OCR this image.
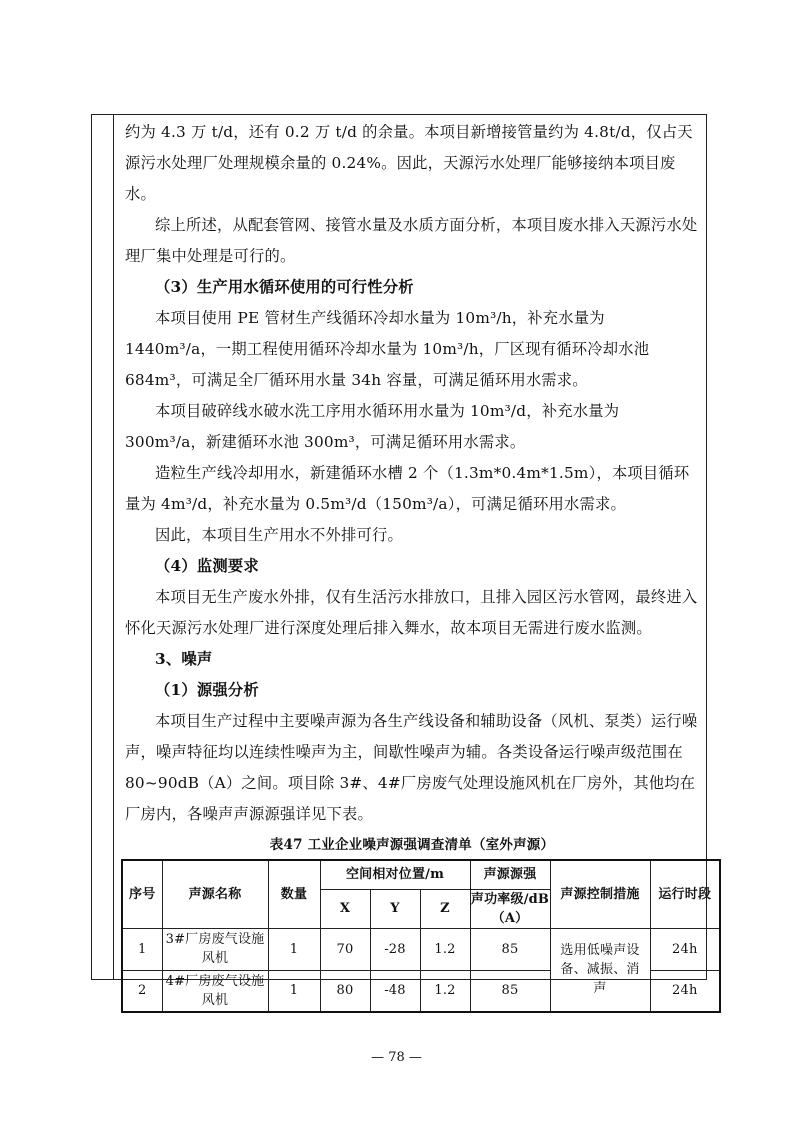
约为 4.3 万 t/d，还有 0.2 万 t/d 的余量。本项目新增接管量约为 4.8t/d，仅占天源污水处理厂处理规模余量的 0.24%。因此，天源污水处理厂能够接纳本项目废水。

综上所述，从配套管网、接管水量及水质方面分析，本项目废水排入天源污水处理厂集中处理是可行的。

（3）生产用水循环使用的可行性分析

本项目使用 PE 管材生产线循环冷却水量为 10m³/h，补充水量为 1440m³/a，一期工程使用循环冷却水量为 10m³/h，厂区现有循环冷却水池 684m³，可满足全厂循环用水量 34h 容量，可满足循环用水需求。

本项目破碎线水破水洗工序用水循环用水量为 10m³/d，补充水量为 300m³/a，新建循环水池 300m³，可满足循环用水需求。

造粒生产线冷却用水，新建循环水槽 2 个（1.3m*0.4m*1.5m），本项目循环量为 4m³/d，补充水量为 0.5m³/d（150m³/a），可满足循环用水需求。

因此，本项目生产用水不外排可行。

（4）监测要求

本项目无生产废水外排，仅有生活污水排放口，且排入园区污水管网，最终进入怀化天源污水处理厂进行深度处理后排入舞水，故本项目无需进行废水监测。

3、噪声

（1）源强分析

本项目生产过程中主要噪声源为各生产线设备和辅助设备（风机、泵类）运行噪声，噪声特征均以连续性噪声为主，间歇性噪声为辅。各类设备运行噪声级范围在 80~90dB（A）之间。项目除 3#、4#厂房废气处理设施风机在厂房外，其他均在厂房内，各噪声声源源强详见下表。

表47 工业企业噪声源强调查清单（室外声源）
序号	声源名称	数量	空间相对位置/m			声源源强	声源控制措施	运行时段
			X	Y	Z	声功率级/dB（A）		
1	3#厂房废气设施风机	1	70	-28	1.2	85	选用低噪声设备、减振、消声	24h
2	4#厂房废气设施风机	1	80	-48	1.2	85		24h
— 78 —
